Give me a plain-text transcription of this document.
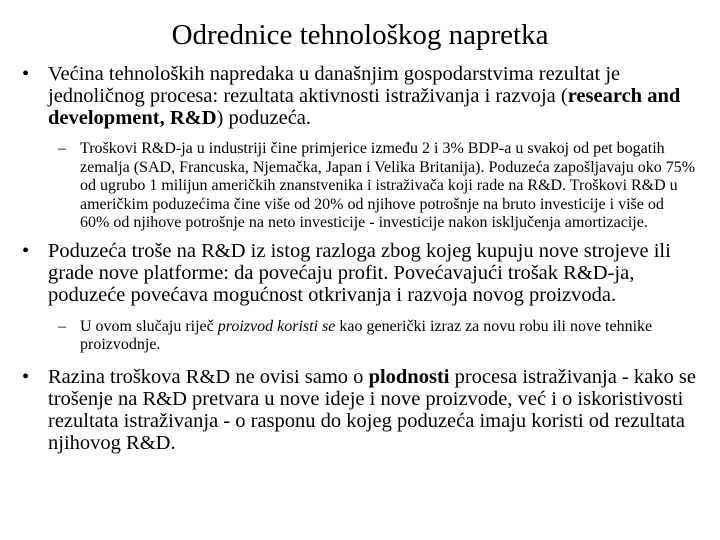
Odrednice tehnološkog napretka

• Većina tehnoloških napredaka u današnjim gospodarstvima rezultat je jednoličnog procesa: rezultata aktivnosti istraživanja i razvoja (research and development, R&D) poduzeća.

– Troškovi R&D-ja u industriji čine primjerice između 2 i 3% BDP-a u svakoj od pet bogatih zemalja (SAD, Francuska, Njemačka, Japan i Velika Britanija). Poduzeća zapošljavaju oko 75% od ugrubo 1 milijun američkih znanstvenika i istraživača koji rade na R&D. Troškovi R&D u američkim poduzećima čine više od 20% od njihove potrošnje na bruto investicije i više od 60% od njihove potrošnje na neto investicije - investicije nakon isključenja amortizacije.

• Poduzeća troše na R&D iz istog razloga zbog kojeg kupuju nove strojeve ili grade nove platforme: da povećaju profit. Povećavajući trošak R&D-ja, poduzeće povećava mogućnost otkrivanja i razvoja novog proizvoda.

– U ovom slučaju riječ proizvod koristi se kao generički izraz za novu robu ili nove tehnike proizvodnje.

• Razina troškova R&D ne ovisi samo o plodnosti procesa istraživanja - kako se trošenje na R&D pretvara u nove ideje i nove proizvode, već i o iskoristivosti rezultata istraživanja - o rasponu do kojeg poduzeća imaju koristi od rezultata njihovog R&D.
